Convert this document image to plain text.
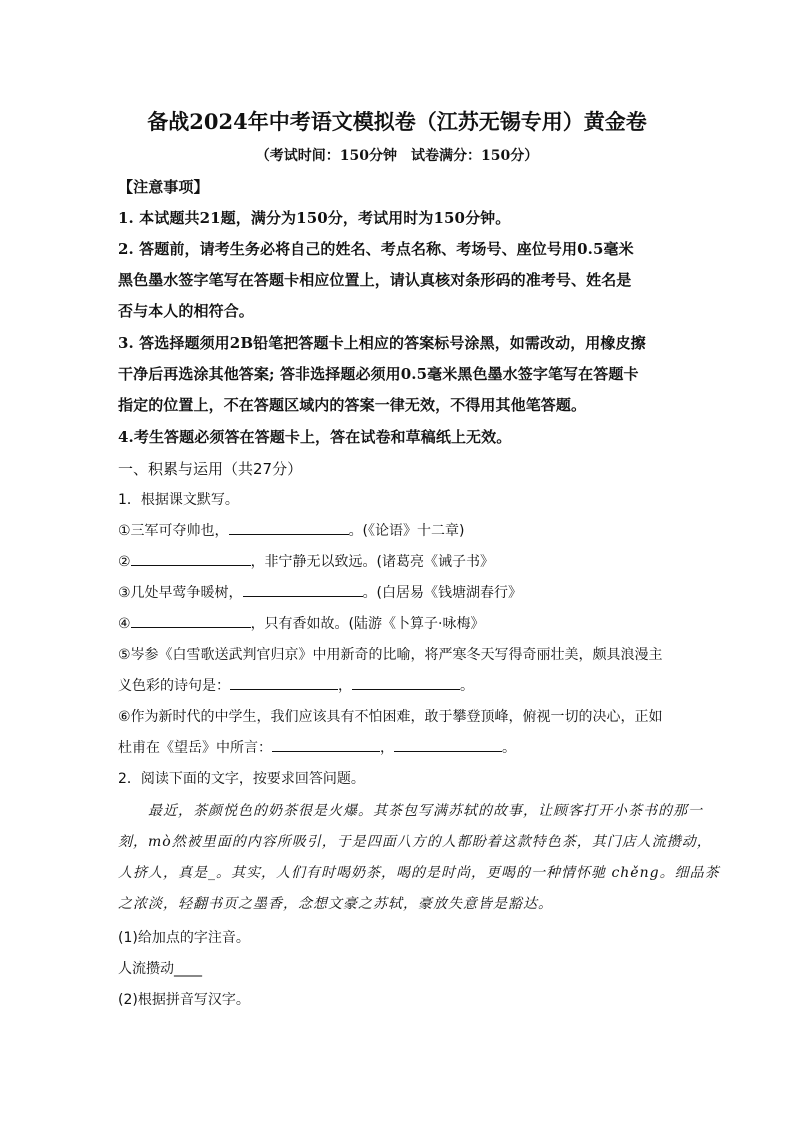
备战2024年中考语文模拟卷（江苏无锡专用）黄金卷
（考试时间：150分钟　试卷满分：150分）
【注意事项】
1. 本试题共21题，满分为150分，考试用时为150分钟。
2. 答题前，请考生务必将自己的姓名、考点名称、考场号、座位号用0.5毫米
黑色墨水签字笔写在答题卡相应位置上，请认真核对条形码的准考号、姓名是
否与本人的相符合。
3. 答选择题须用2B铅笔把答题卡上相应的答案标号涂黑，如需改动，用橡皮擦
干净后再选涂其他答案; 答非选择题必须用0.5毫米黑色墨水签字笔写在答题卡
指定的位置上，不在答题区域内的答案一律无效，不得用其他笔答题。
4.考生答题必须答在答题卡上，答在试卷和草稿纸上无效。
一、积累与运用（共27分）
1．根据课文默写。
①三军可夺帅也，	。(《论语》十二章)
②	，非宁静无以致远。(诸葛亮《诫子书》
③几处早莺争暖树，	。(白居易《钱塘湖春行》
④	，只有香如故。(陆游《卜算子·咏梅》
⑤岑参《白雪歌送武判官归京》中用新奇的比喻，将严寒冬天写得奇丽壮美，颇具浪漫主
义色彩的诗句是：	，	。
⑥作为新时代的中学生，我们应该具有不怕困难，敢于攀登顶峰，俯视一切的决心，正如
杜甫在《望岳》中所言：	，	。
2．阅读下面的文字，按要求回答问题。
　　最近，茶颜悦色的奶茶很是火爆。其茶包写满苏轼的故事，让顾客打开小茶书的那一
刻，mò然被里面的内容所吸引，于是四面八方的人都盼着这款特色茶，其门店人流攒动，
人挤人，真是_。其实，人们有时喝奶茶，喝的是时尚，更喝的一种情怀驰 chěng。细品茶
之浓淡，轻翻书页之墨香，念想文豪之苏轼，豪放失意皆是豁达。
(1)给加点的字注音。
人流攒动____
(2)根据拼音写汉字。
